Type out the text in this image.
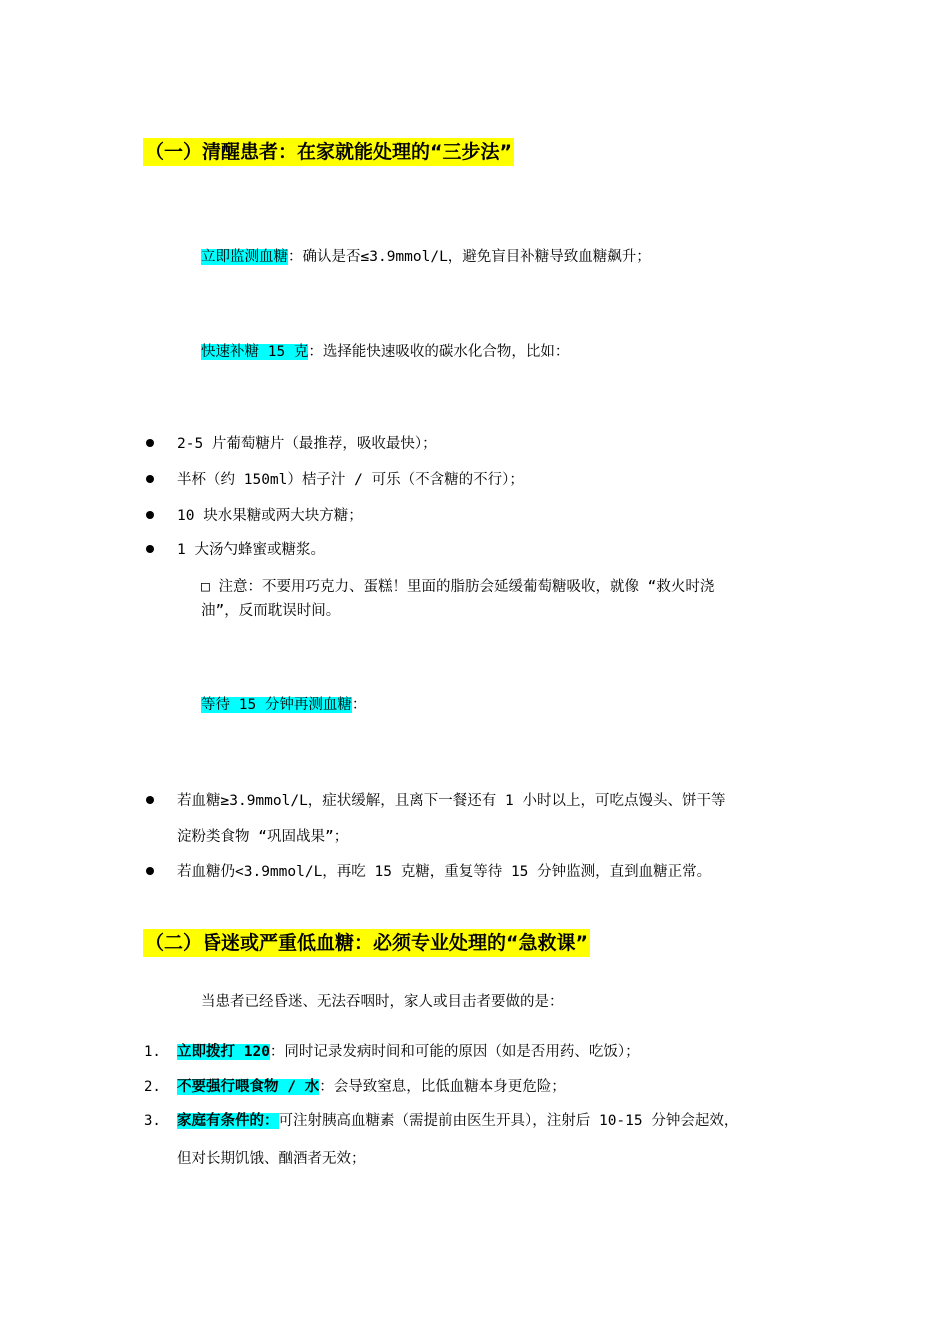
（一）清醒患者：在家就能处理的“三步法”
立即监测血糖：确认是否≤3.9mmol/L，避免盲目补糖导致血糖飙升；
快速补糖 15 克：选择能快速吸收的碳水化合物，比如：
2-5 片葡萄糖片（最推荐，吸收最快）；
半杯（约 150ml）桔子汁 / 可乐（不含糖的不行）；
10 块水果糖或两大块方糖；
1 大汤勺蜂蜜或糖浆。
□ 注意：不要用巧克力、蛋糕！里面的脂肪会延缓葡萄糖吸收，就像 “救火时浇
油”，反而耽误时间。
等待 15 分钟再测血糖：
若血糖≥3.9mmol/L，症状缓解，且离下一餐还有 1 小时以上，可吃点馒头、饼干等
淀粉类食物 “巩固战果”；
若血糖仍<3.9mmol/L，再吃 15 克糖，重复等待 15 分钟监测，直到血糖正常。
（二）昏迷或严重低血糖：必须专业处理的“急救课”
当患者已经昏迷、无法吞咽时，家人或目击者要做的是：
1. 立即拨打 120：同时记录发病时间和可能的原因（如是否用药、吃饭）；
2. 不要强行喂食物 / 水：会导致窒息，比低血糖本身更危险；
3. 家庭有条件的：可注射胰高血糖素（需提前由医生开具），注射后 10-15 分钟会起效，
但对长期饥饿、酗酒者无效；
